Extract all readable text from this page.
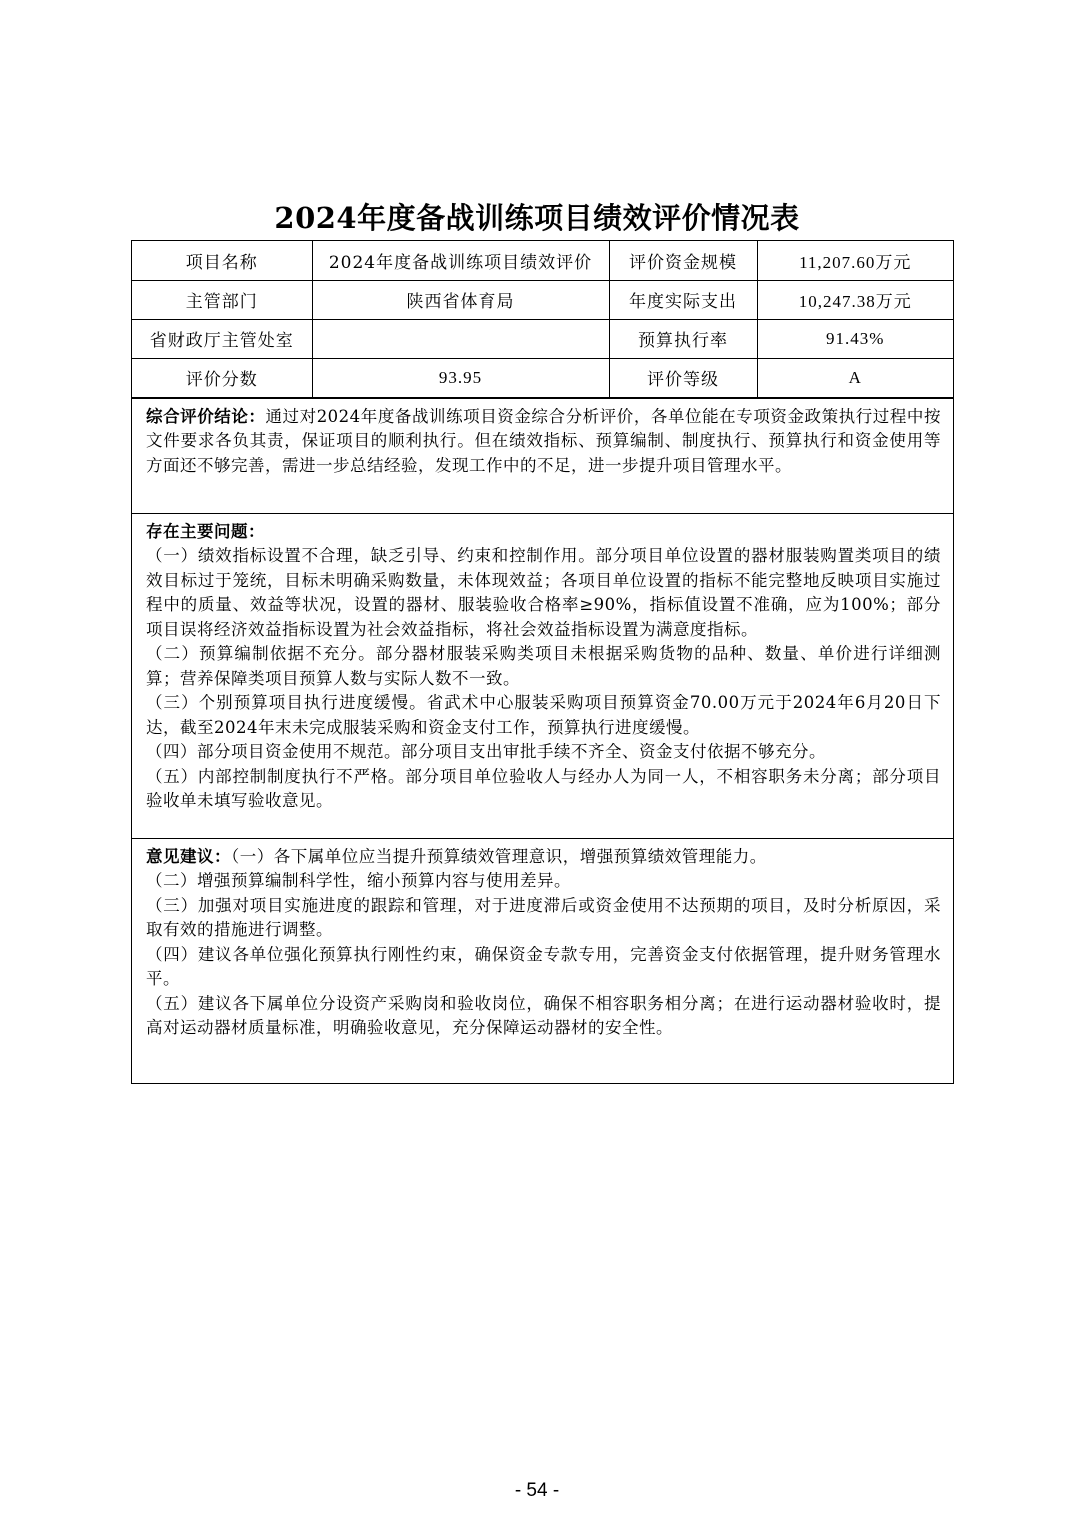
2024年度备战训练项目绩效评价情况表
项目名称	2024年度备战训练项目绩效评价	评价资金规模	11,207.60万元
主管部门	陕西省体育局	年度实际支出	10,247.38万元
省财政厅主管处室		预算执行率	91.43%
评价分数	93.95	评价等级	A

综合评价结论：通过对2024年度备战训练项目资金综合分析评价，各单位能在专项资金政策执行过程中按文件要求各负其责，保证项目的顺利执行。但在绩效指标、预算编制、制度执行、预算执行和资金使用等方面还不够完善，需进一步总结经验，发现工作中的不足，进一步提升项目管理水平。

存在主要问题：

（一）绩效指标设置不合理，缺乏引导、约束和控制作用。部分项目单位设置的器材服装购置类项目的绩效目标过于笼统，目标未明确采购数量，未体现效益；各项目单位设置的指标不能完整地反映项目实施过程中的质量、效益等状况，设置的器材、服装验收合格率≥90%，指标值设置不准确，应为100%；部分项目误将经济效益指标设置为社会效益指标，将社会效益指标设置为满意度指标。

（二）预算编制依据不充分。部分器材服装采购类项目未根据采购货物的品种、数量、单价进行详细测算；营养保障类项目预算人数与实际人数不一致。

（三）个别预算项目执行进度缓慢。省武术中心服装采购项目预算资金70.00万元于2024年6月20日下达，截至2024年末未完成服装采购和资金支付工作，预算执行进度缓慢。

（四）部分项目资金使用不规范。部分项目支出审批手续不齐全、资金支付依据不够充分。

（五）内部控制制度执行不严格。部分项目单位验收人与经办人为同一人，不相容职务未分离；部分项目验收单未填写验收意见。

意见建议：（一）各下属单位应当提升预算绩效管理意识，增强预算绩效管理能力。

（二）增强预算编制科学性，缩小预算内容与使用差异。

（三）加强对项目实施进度的跟踪和管理，对于进度滞后或资金使用不达预期的项目，及时分析原因，采取有效的措施进行调整。

（四）建议各单位强化预算执行刚性约束，确保资金专款专用，完善资金支付依据管理，提升财务管理水平。

（五）建议各下属单位分设资产采购岗和验收岗位，确保不相容职务相分离；在进行运动器材验收时，提高对运动器材质量标准，明确验收意见，充分保障运动器材的安全性。

- 54 -
